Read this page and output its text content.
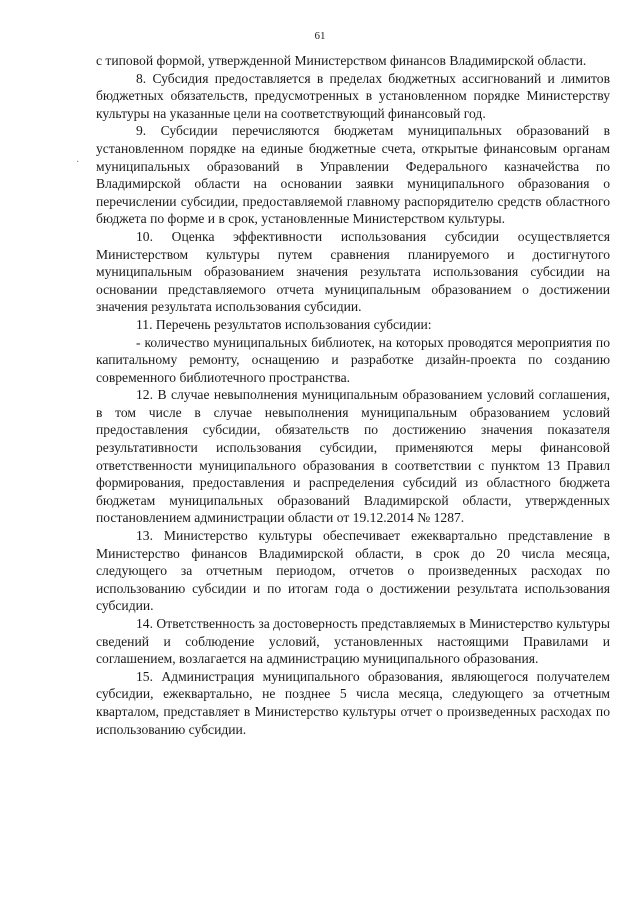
61
·

с типовой формой, утвержденной Министерством финансов Владимирской области.

8. Субсидия предоставляется в пределах бюджетных ассигнований и лимитов бюджетных обязательств, предусмотренных в установленном порядке Министерству культуры на указанные цели на соответствующий финансовый год.

9. Субсидии перечисляются бюджетам муниципальных образований в установленном порядке на единые бюджетные счета, открытые финансовым органам муниципальных образований в Управлении Федерального казначейства по Владимирской области на основании заявки муниципального образования о перечислении субсидии, предоставляемой главному распорядителю средств областного бюджета по форме и в срок, установленные Министерством культуры.

10. Оценка эффективности использования субсидии осуществляется Министерством культуры путем сравнения планируемого и достигнутого муниципальным образованием значения результата использования субсидии на основании представляемого отчета муниципальным образованием о достижении значения результата использования субсидии.

11. Перечень результатов использования субсидии:

- количество муниципальных библиотек, на которых проводятся мероприятия по капитальному ремонту, оснащению и разработке дизайн-проекта по созданию современного библиотечного пространства.

12. В случае невыполнения муниципальным образованием условий соглашения, в том числе в случае невыполнения муниципальным образованием условий предоставления субсидии, обязательств по достижению значения показателя результативности использования субсидии, применяются меры финансовой ответственности муниципального образования в соответствии с пунктом 13 Правил формирования, предоставления и распределения субсидий из областного бюджета бюджетам муниципальных образований Владимирской области, утвержденных постановлением администрации области от 19.12.2014 № 1287.

13. Министерство культуры обеспечивает ежеквартально представление в Министерство финансов Владимирской области, в срок до 20 числа месяца, следующего за отчетным периодом, отчетов о произведенных расходах по использованию субсидии и по итогам года о достижении результата использования субсидии.

14. Ответственность за достоверность представляемых в Министерство культуры сведений и соблюдение условий, установленных настоящими Правилами и соглашением, возлагается на администрацию муниципального образования.

15. Администрация муниципального образования, являющегося получателем субсидии, ежеквартально, не позднее 5 числа месяца, следующего за отчетным кварталом, представляет в Министерство культуры отчет о произведенных расходах по использованию субсидии.
